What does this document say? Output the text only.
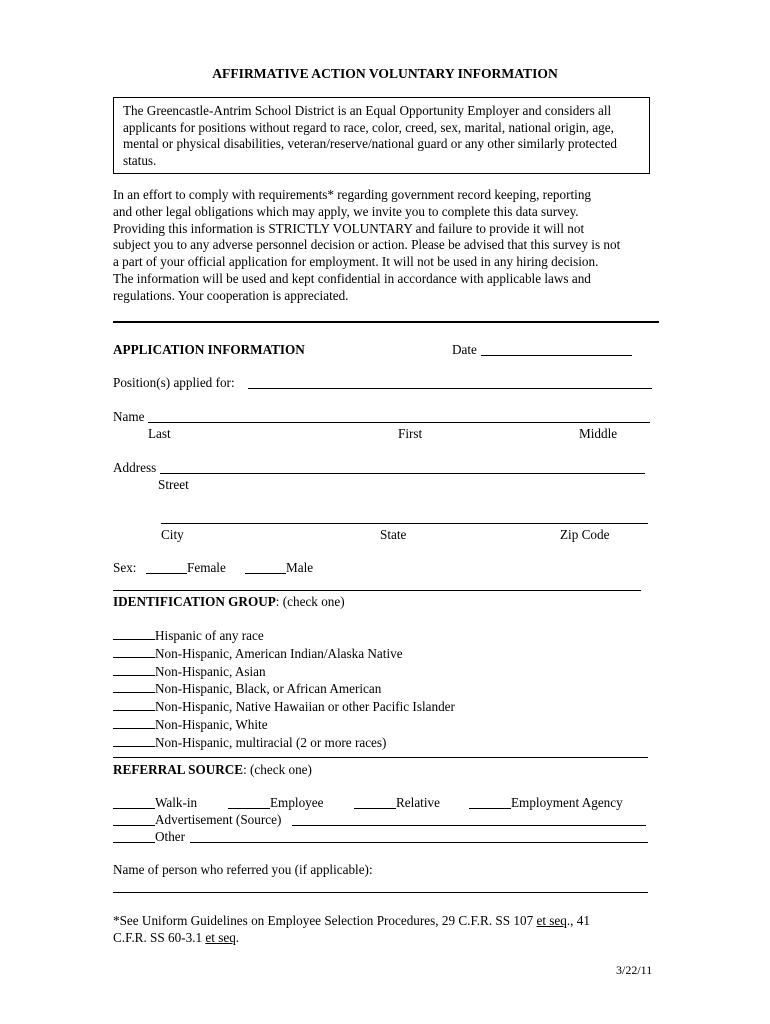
AFFIRMATIVE ACTION VOLUNTARY INFORMATION
The Greencastle-Antrim School District is an Equal Opportunity Employer and considers all
applicants for positions without regard to race, color, creed, sex, marital, national origin, age,
mental or physical disabilities, veteran/reserve/national guard or any other similarly protected
status.
In an effort to comply with requirements* regarding government record keeping, reporting
and other legal obligations which may apply, we invite you to complete this data survey.
Providing this information is STRICTLY VOLUNTARY and failure to provide it will not
subject you to any adverse personnel decision or action. Please be advised that this survey is not
a part of your official application for employment. It will not be used in any hiring decision.
The information will be used and kept confidential in accordance with applicable laws and
regulations. Your cooperation is appreciated.
APPLICATION INFORMATION	Date
Position(s) applied for:
Name
Last	First	Middle
Address
Street
City	State	Zip Code
Sex:	Female	Male
IDENTIFICATION GROUP: (check one)
Hispanic of any race

Non-Hispanic, American Indian/Alaska Native

Non-Hispanic, Asian

Non-Hispanic, Black, or African American

Non-Hispanic, Native Hawaiian or other Pacific Islander

Non-Hispanic, White

Non-Hispanic, multiracial (2 or more races)
REFERRAL SOURCE: (check one)
Walk-in	Employee	Relative	Employment Agency
Advertisement (Source)
Other
Name of person who referred you (if applicable):
*See Uniform Guidelines on Employee Selection Procedures, 29 C.F.R. SS 107 et seq., 41
C.F.R. SS 60-3.1 et seq.
3/22/11
